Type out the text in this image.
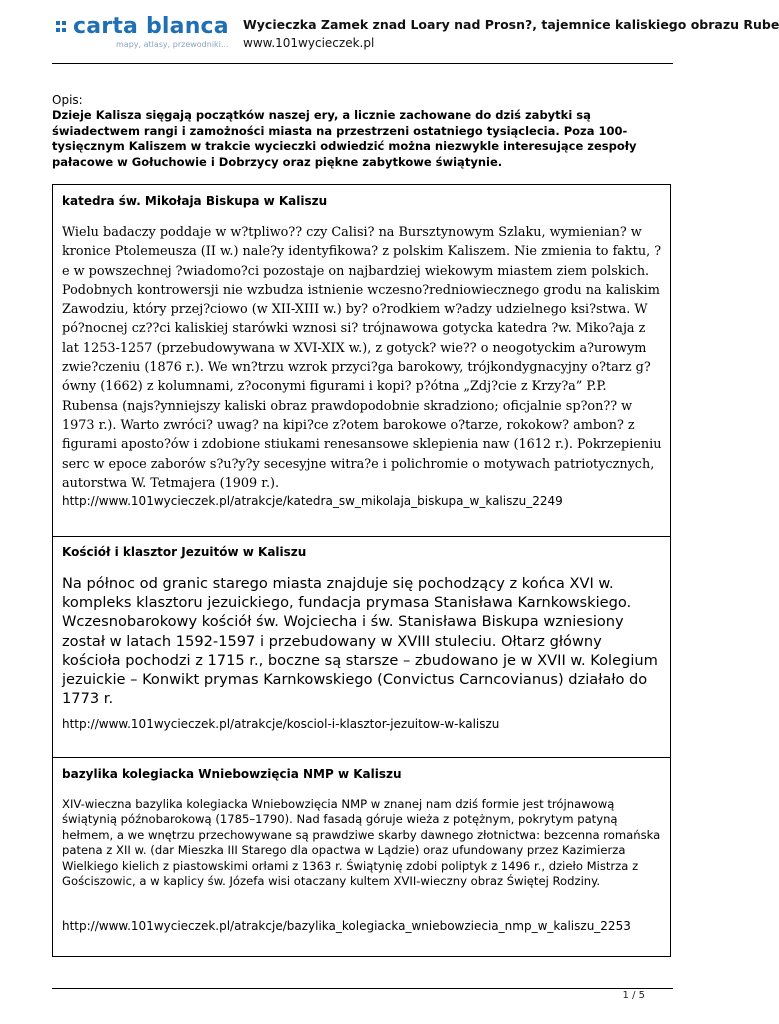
carta blanca
mapy, atlasy, przewodniki...
Wycieczka Zamek znad Loary nad Prosn?, tajemnice kaliskiego obrazu Rube
www.101wycieczek.pl
Opis:
Dzieje Kalisza sięgają początków naszej ery, a licznie zachowane do dziś zabytki są świadectwem rangi i zamożności miasta na przestrzeni ostatniego tysiąclecia. Poza 100-tysięcznym Kaliszem w trakcie wycieczki odwiedzić można niezwykle interesujące zespoły pałacowe w Gołuchowie i Dobrzycy oraz piękne zabytkowe świątynie.
katedra św. Mikołaja Biskupa w Kaliszu
Wielu badaczy poddaje w w?tpliwo?? czy Calisi? na Bursztynowym Szlaku, wymienian? w kronice Ptolemeusza (II w.) nale?y identyfikowa? z polskim Kaliszem. Nie zmienia to faktu, ?e w powszechnej ?wiadomo?ci pozostaje on najbardziej wiekowym miastem ziem polskich. Podobnych kontrowersji nie wzbudza istnienie wczesno?redniowiecznego grodu na kaliskim Zawodziu, który przej?ciowo (w XII-XIII w.) by? o?rodkiem w?adzy udzielnego ksi?stwa. W pó?nocnej cz??ci kaliskiej starówki wznosi si? trójnawowa gotycka katedra ?w. Miko?aja z lat 1253-1257 (przebudowywana w XVI-XIX w.), z gotyck? wie?? o neogotyckim a?urowym zwie?czeniu (1876 r.). We wn?trzu wzrok przyci?ga barokowy, trójkondygnacyjny o?tarz g?ówny (1662) z kolumnami, z?oconymi figurami i kopi? p?ótna „Zdj?cie z Krzy?a” P.P. Rubensa (najs?ynniejszy kaliski obraz prawdopodobnie skradziono; oficjalnie sp?on?? w 1973 r.). Warto zwróci? uwag? na kipi?ce z?otem barokowe o?tarze, rokokow? ambon? z figurami aposto?ów i zdobione stiukami renesansowe sklepienia naw (1612 r.). Pokrzepieniu serc w epoce zaborów s?u?y?y secesyjne witra?e i polichromie o motywach patriotycznych, autorstwa W. Tetmajera (1909 r.).
http://www.101wycieczek.pl/atrakcje/katedra_sw_mikolaja_biskupa_w_kaliszu_2249
Kościół i klasztor Jezuitów w Kaliszu
Na północ od granic starego miasta znajduje się pochodzący z końca XVI w. kompleks klasztoru jezuickiego, fundacja prymasa Stanisława Karnkowskiego. Wczesnobarokowy kościół św. Wojciecha i św. Stanisława Biskupa wzniesiony został w latach 1592-1597 i przebudowany w XVIII stuleciu. Ołtarz główny kościoła pochodzi z 1715 r., boczne są starsze – zbudowano je w XVII w. Kolegium jezuickie – Konwikt prymas Karnkowskiego (Convictus Carncovianus) działało do 1773 r.
http://www.101wycieczek.pl/atrakcje/kosciol-i-klasztor-jezuitow-w-kaliszu
bazylika kolegiacka Wniebowzięcia NMP w Kaliszu
XIV-wieczna bazylika kolegiacka Wniebowzięcia NMP w znanej nam dziś formie jest trójnawową świątynią późnobarokową (1785–1790). Nad fasadą góruje wieża z potężnym, pokrytym patyną hełmem, a we wnętrzu przechowywane są prawdziwe skarby dawnego złotnictwa: bezcenna romańska patena z XII w. (dar Mieszka III Starego dla opactwa w Lądzie) oraz ufundowany przez Kazimierza Wielkiego kielich z piastowskimi orłami z 1363 r. Świątynię zdobi poliptyk z 1496 r., dzieło Mistrza z Gościszowic, a w kaplicy św. Józefa wisi otaczany kultem XVII-wieczny obraz Świętej Rodziny.
http://www.101wycieczek.pl/atrakcje/bazylika_kolegiacka_wniebowziecia_nmp_w_kaliszu_2253
1 / 5
